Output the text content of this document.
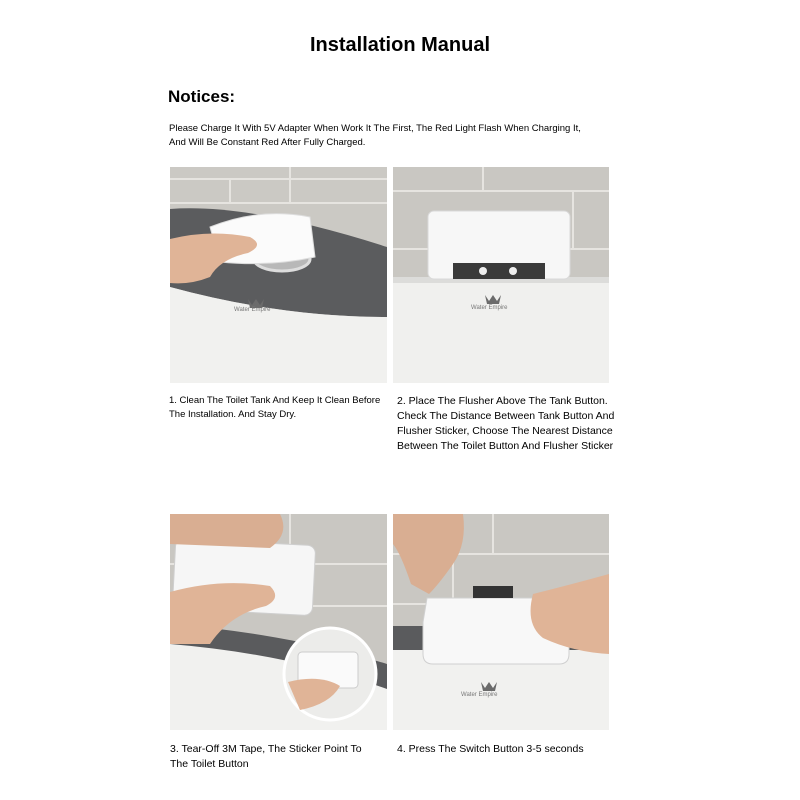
Installation Manual
Notices:
Please Charge It With 5V Adapter When Work It The First, The Red Light Flash When Charging It,
And Will Be Constant Red After Fully Charged.
Water Empire	Water Empire
Water Empire
1. Clean The Toilet Tank And Keep It Clean Before
The Installation. And Stay Dry.
2. Place The Flusher Above The Tank Button.
Check The Distance Between Tank Button And
Flusher Sticker, Choose The Nearest Distance
Between The Toilet Button And Flusher Sticker
3. Tear-Off 3M Tape, The Sticker Point To
The Toilet Button
4. Press The Switch Button 3-5 seconds
